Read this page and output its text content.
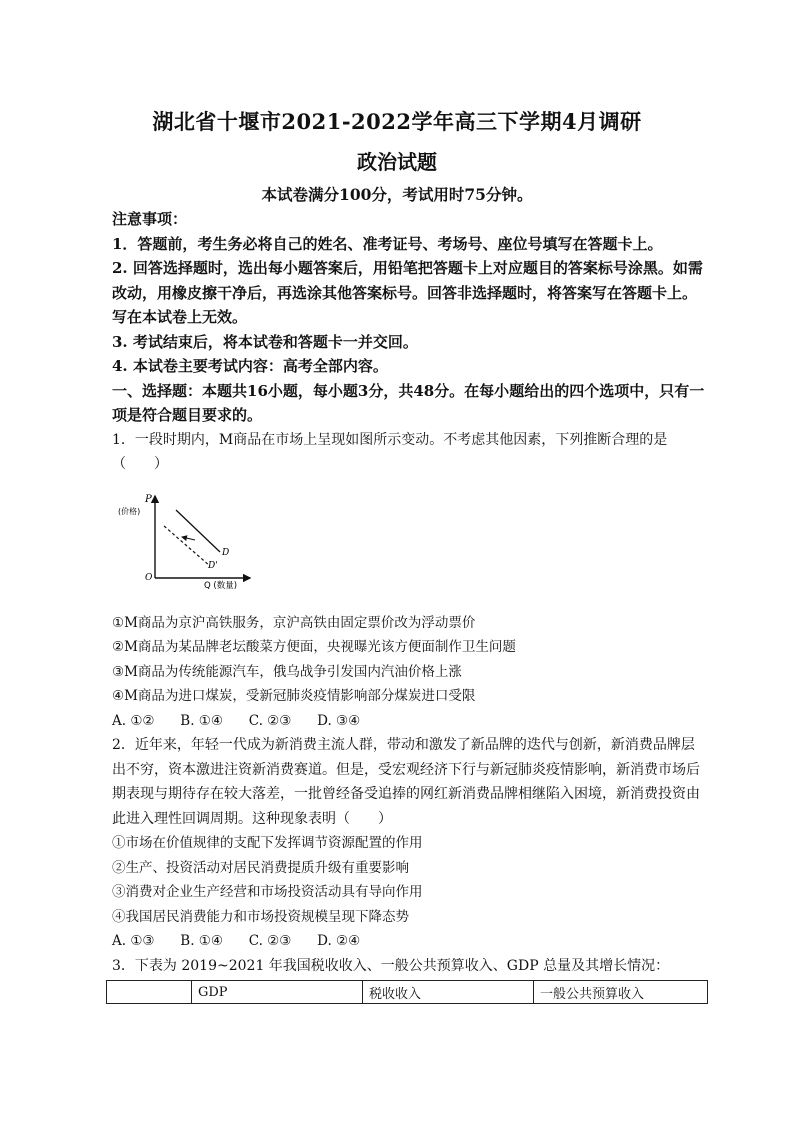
湖北省十堰市2021-2022学年高三下学期4月调研
政治试题
本试卷满分100分，考试用时75分钟。
注意事项：
1．答题前，考生务必将自己的姓名、准考证号、考场号、座位号填写在答题卡上。
2. 回答选择题时，选出每小题答案后，用铅笔把答题卡上对应题目的答案标号涂黑。如需改动，用橡皮擦干净后，再选涂其他答案标号。回答非选择题时，将答案写在答题卡上。写在本试卷上无效。
3. 考试结束后，将本试卷和答题卡一并交回。
4. 本试卷主要考试内容：高考全部内容。
一、选择题：本题共16小题，每小题3分，共48分。在每小题给出的四个选项中，只有一项是符合题目要求的。
1．一段时期内，M商品在市场上呈现如图所示变动。不考虑其他因素，下列推断合理的是（　　）
①M商品为京沪高铁服务，京沪高铁由固定票价改为浮动票价
②M商品为某品牌老坛酸菜方便面，央视曝光该方便面制作卫生问题
③M商品为传统能源汽车，俄乌战争引发国内汽油价格上涨
④M商品为进口煤炭，受新冠肺炎疫情影响部分煤炭进口受限
A. ①②      B. ①④      C. ②③      D. ③④
2．近年来，年轻一代成为新消费主流人群，带动和激发了新品牌的迭代与创新，新消费品牌层出不穷，资本激进注资新消费赛道。但是，受宏观经济下行与新冠肺炎疫情影响，新消费市场后期表现与期待存在较大落差，一批曾经备受追捧的网红新消费品牌相继陷入困境，新消费投资由此进入理性回调周期。这种现象表明（　　）
①市场在价值规律的支配下发挥调节资源配置的作用
②生产、投资活动对居民消费提质升级有重要影响
③消费对企业生产经营和市场投资活动具有导向作用
④我国居民消费能力和市场投资规模呈现下降态势
A. ①③      B. ①④      C. ②③      D. ②④
3．下表为 2019~2021 年我国税收收入、一般公共预算收入、GDP 总量及其增长情况：
P
(价格)
O
Q (数量)
D
D'
	GDP	税收收入	一般公共预算收入
